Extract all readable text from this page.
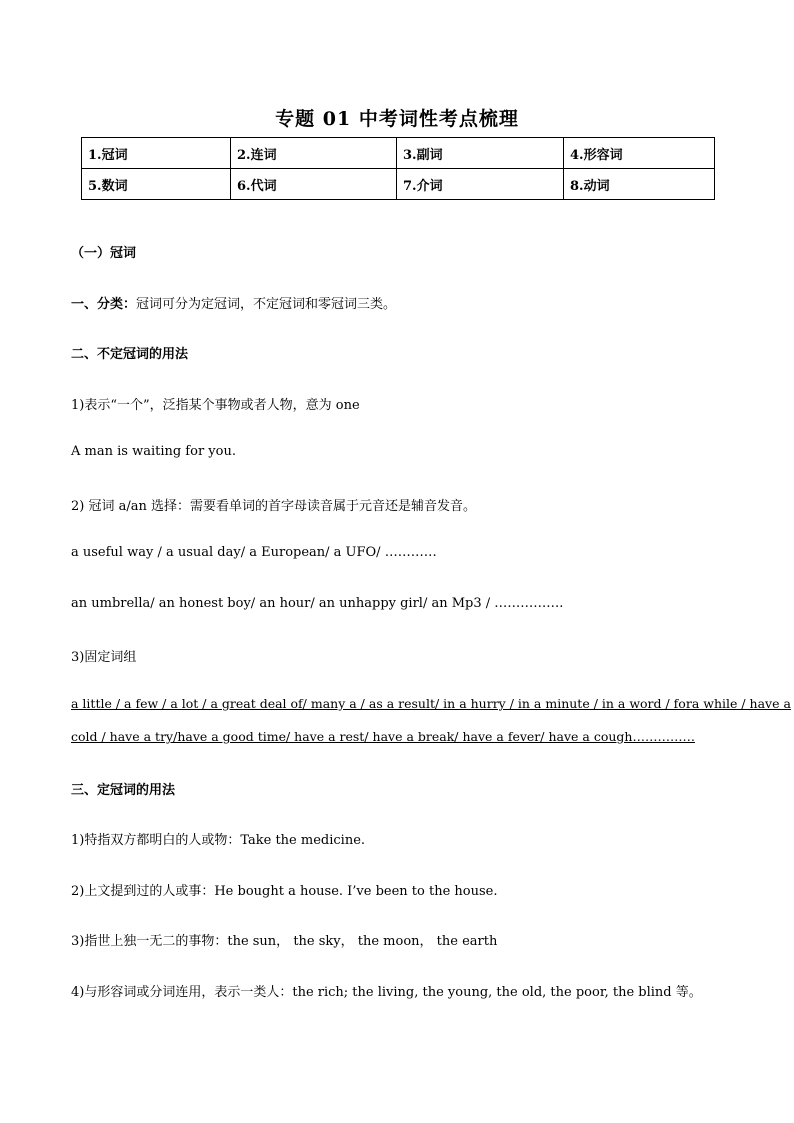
专题 01 中考词性考点梳理
1.冠词	2.连词	3.副词	4.形容词
5.数词	6.代词	7.介词	8.动词
（一）冠词
一、分类：冠词可分为定冠词，不定冠词和零冠词三类。
二、不定冠词的用法
1)表示“一个”，泛指某个事物或者人物，意为 one
A man is waiting for you.
2) 冠词 a/an 选择：需要看单词的首字母读音属于元音还是辅音发音。
a useful way / a usual day/ a European/ a UFO/ …………
an umbrella/ an honest boy/ an hour/ an unhappy girl/ an Mp3 / …………….
3)固定词组
a little / a few / a lot / a great deal of/ many a / as a result/ in a hurry / in a minute / in a word / fora while / have a
cold / have a try/have a good time/ have a rest/ have a break/ have a fever/ have a cough……………
三、定冠词的用法
1)特指双方都明白的人或物：Take the medicine.
2)上文提到过的人或事：He bought a house. I’ve been to the house.
3)指世上独一无二的事物：the sun， the sky， the moon， the earth
4)与形容词或分词连用，表示一类人：the rich; the living, the young, the old, the poor, the blind 等。
